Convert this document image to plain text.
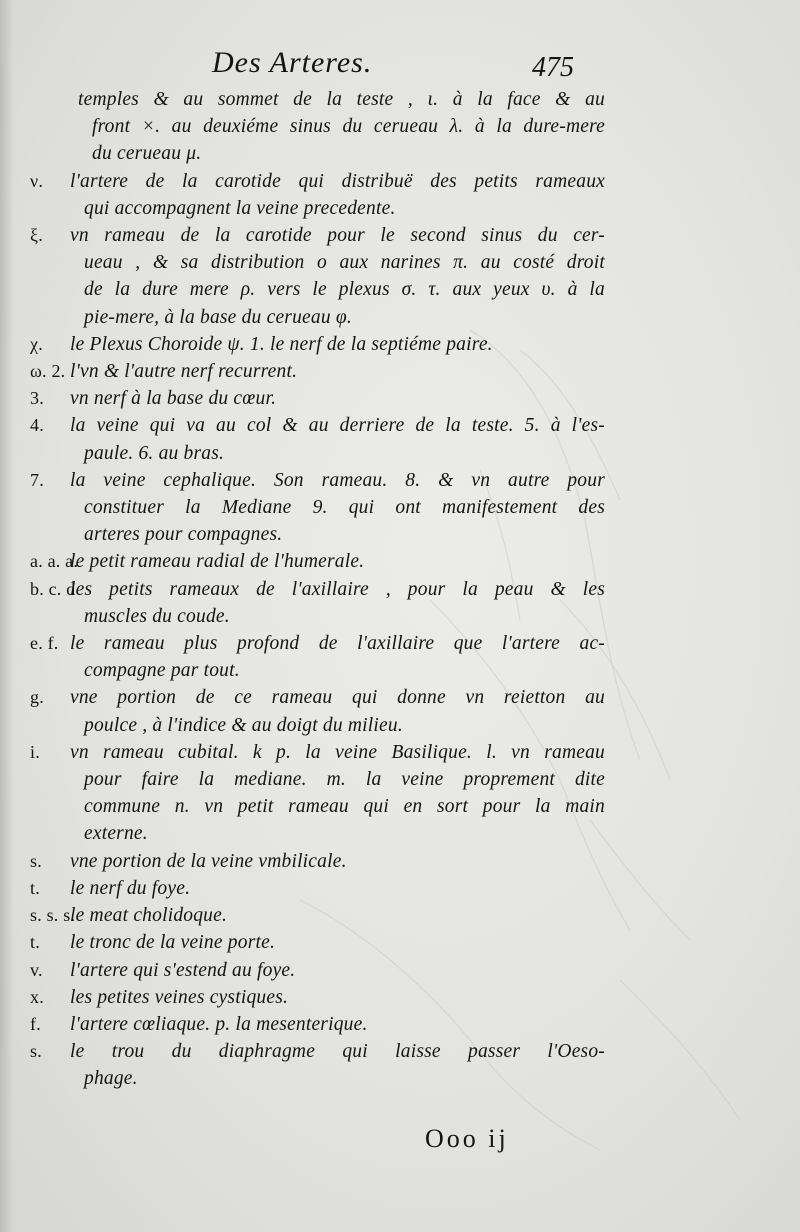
Des Arteres.	475
temples & au sommet de la teste , ι. à la face & au
front ×. au deuxiéme sinus du cerueau λ. à la dure-mere
du cerueau μ.
ν. l'artere de la carotide qui distribuë des petits rameaux
qui accompagnent la veine precedente.
ξ. vn rameau de la carotide pour le second sinus du cer-
ueau , & sa distribution ο aux narines π. au costé droit
de la dure mere ρ. vers le plexus σ. τ. aux yeux υ. à la
pie-mere, à la base du cerueau φ.
χ. le Plexus Choroide ψ. 1. le nerf de la septiéme paire.
ω. 2. l'vn & l'autre nerf recurrent.
3. vn nerf à la base du cœur.
4. la veine qui va au col & au derriere de la teste. 5. à l'es-
paule. 6. au bras.
7. la veine cephalique. Son rameau. 8. & vn autre pour
constituer la Mediane 9. qui ont manifestement des
arteres pour compagnes.
a. a. a.
le petit rameau radial de l'humerale.
b. c. d
les petits rameaux de l'axillaire , pour la peau & les
muscles du coude.
e. f. le rameau plus profond de l'axillaire que l'artere ac-
compagne par tout.
g. vne portion de ce rameau qui donne vn reietton au
poulce , à l'indice & au doigt du milieu.
i. vn rameau cubital. k p. la veine Basilique. l. vn rameau
pour faire la mediane. m. la veine proprement dite
commune n. vn petit rameau qui en sort pour la main
externe.
s. vne portion de la veine vmbilicale.
t. le nerf du foye.
s. s. s.
le meat cholidoque.
t. le tronc de la veine porte.
v. l'artere qui s'estend au foye.
x. les petites veines cystiques.
f. l'artere cœliaque. p. la mesenterique.
s. le trou du diaphragme qui laisse passer l'Oeso-
phage.
Ooo ij
